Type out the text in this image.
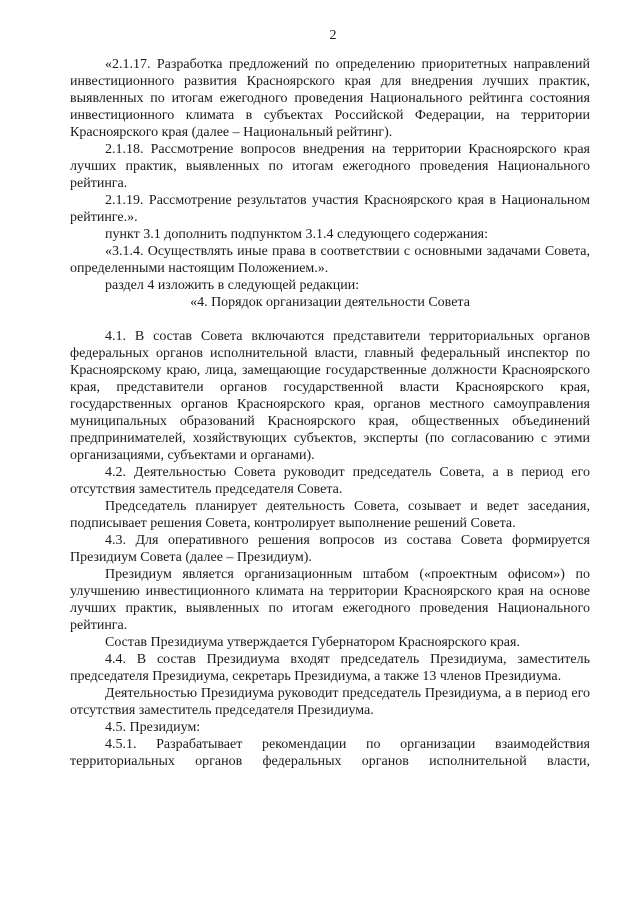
2

«2.1.17. Разработка предложений по определению приоритетных направлений инвестиционного развития Красноярского края для внедрения лучших практик, выявленных по итогам ежегодного проведения Национального рейтинга состояния инвестиционного климата в субъектах Российской Федерации, на территории Красноярского края (далее – Национальный рейтинг).

2.1.18. Рассмотрение вопросов внедрения на территории Красноярского края лучших практик, выявленных по итогам ежегодного проведения Национального рейтинга.

2.1.19. Рассмотрение результатов участия Красноярского края в Национальном рейтинге.».

пункт 3.1 дополнить подпунктом 3.1.4 следующего содержания:

«3.1.4. Осуществлять иные права в соответствии с основными задачами Совета, определенными настоящим Положением.».

раздел 4 изложить в следующей редакции:

«4. Порядок организации деятельности Совета

4.1. В состав Совета включаются представители территориальных органов федеральных органов исполнительной власти, главный федеральный инспектор по Красноярскому краю, лица, замещающие государственные должности Красноярского края, представители органов государственной власти Красноярского края, государственных органов Красноярского края, органов местного самоуправления муниципальных образований Красноярского края, общественных объединений предпринимателей, хозяйствующих субъектов, эксперты (по согласованию с этими организациями, субъектами и органами).

4.2. Деятельностью Совета руководит председатель Совета, а в период его отсутствия заместитель председателя Совета.

Председатель планирует деятельность Совета, созывает и ведет заседания, подписывает решения Совета, контролирует выполнение решений Совета.

4.3. Для оперативного решения вопросов из состава Совета формируется Президиум Совета (далее – Президиум).

Президиум является организационным штабом («проектным офисом») по улучшению инвестиционного климата на территории Красноярского края на основе лучших практик, выявленных по итогам ежегодного проведения Национального рейтинга.

Состав Президиума утверждается Губернатором Красноярского края.

4.4. В состав Президиума входят председатель Президиума, заместитель председателя Президиума, секретарь Президиума, а также 13 членов Президиума.

Деятельностью Президиума руководит председатель Президиума, а в период его отсутствия заместитель председателя Президиума.

4.5. Президиум:

4.5.1. Разрабатывает рекомендации по организации взаимодействия территориальных органов федеральных органов исполнительной власти,
